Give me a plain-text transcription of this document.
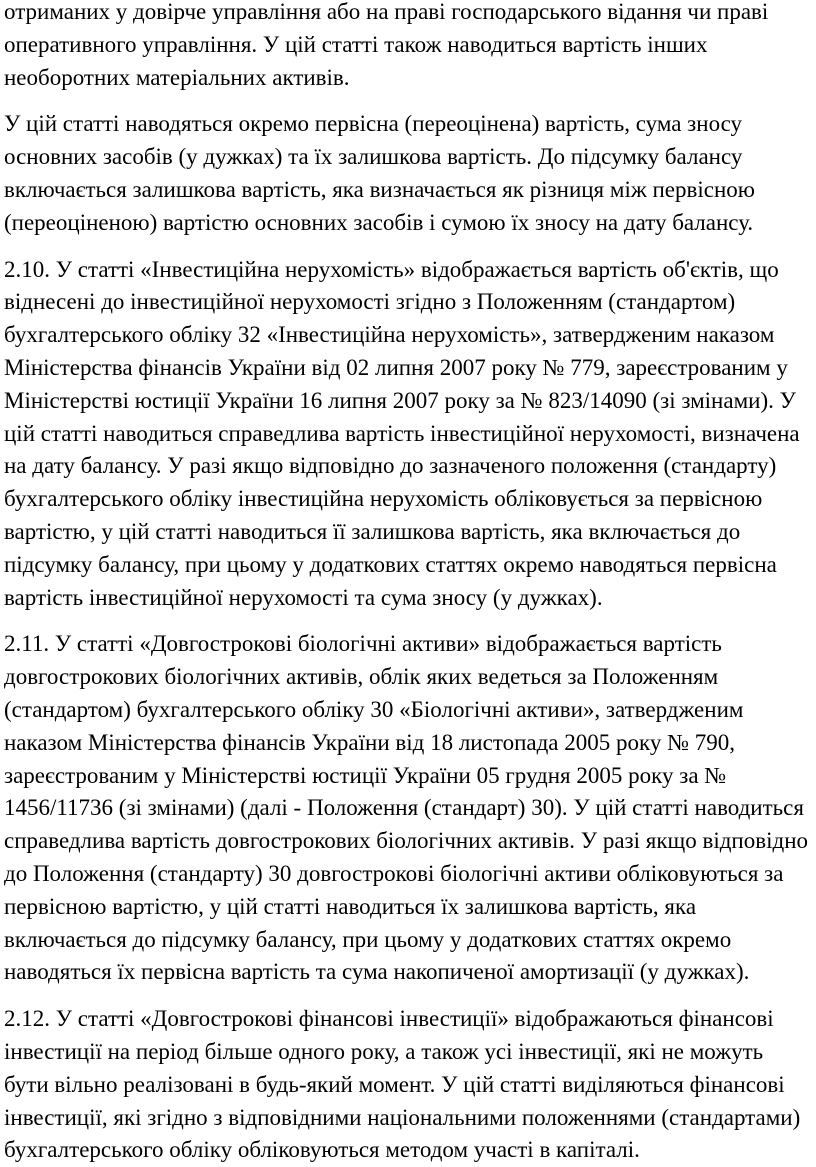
отриманих у довірче управління або на праві господарського відання чи праві оперативного управління. У цій статті також наводиться вартість інших необоротних матеріальних активів.

У цій статті наводяться окремо первісна (переоцінена) вартість, сума зносу основних засобів (у дужках) та їх залишкова вартість. До підсумку балансу включається залишкова вартість, яка визначається як різниця між первісною (переоціненою) вартістю основних засобів і сумою їх зносу на дату балансу.

2.10. У статті «Інвестиційна нерухомість» відображається вартість об'єктів, що віднесені до інвестиційної нерухомості згідно з Положенням (стандартом) бухгалтерського обліку 32 «Інвестиційна нерухомість», затвердженим наказом Міністерства фінансів України від 02 липня 2007 року № 779, зареєстрованим у Міністерстві юстиції України 16 липня 2007 року за № 823/14090 (зі змінами). У цій статті наводиться справедлива вартість інвестиційної нерухомості, визначена на дату балансу. У разі якщо відповідно до зазначеного положення (стандарту) бухгалтерського обліку інвестиційна нерухомість обліковується за первісною вартістю, у цій статті наводиться її залишкова вартість, яка включається до підсумку балансу, при цьому у додаткових статтях окремо наводяться первісна вартість інвестиційної нерухомості та сума зносу (у дужках).

2.11. У статті «Довгострокові біологічні активи» відображається вартість довгострокових біологічних активів, облік яких ведеться за Положенням (стандартом) бухгалтерського обліку 30 «Біологічні активи», затвердженим наказом Міністерства фінансів України від 18 листопада 2005 року № 790, зареєстрованим у Міністерстві юстиції України 05 грудня 2005 року за № 1456/11736 (зі змінами) (далі - Положення (стандарт) 30). У цій статті наводиться справедлива вартість довгострокових біологічних активів. У разі якщо відповідно до Положення (стандарту) 30 довгострокові біологічні активи обліковуються за первісною вартістю, у цій статті наводиться їх залишкова вартість, яка включається до підсумку балансу, при цьому у додаткових статтях окремо наводяться їх первісна вартість та сума накопиченої амортизації (у дужках).

2.12. У статті «Довгострокові фінансові інвестиції» відображаються фінансові інвестиції на період більше одного року, а також усі інвестиції, які не можуть бути вільно реалізовані в будь-який момент. У цій статті виділяються фінансові інвестиції, які згідно з відповідними національними положеннями (стандартами) бухгалтерського обліку обліковуються методом участі в капіталі.
